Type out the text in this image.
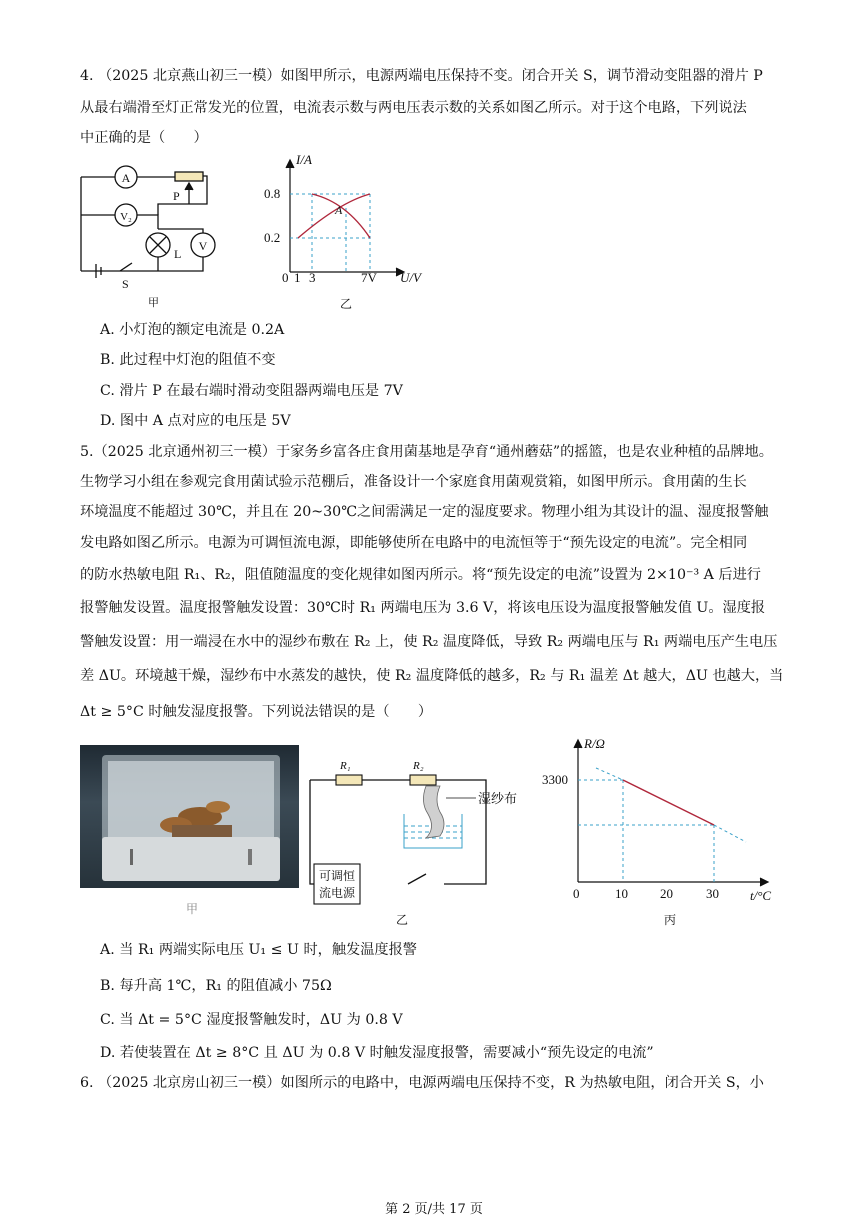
4. （2025 北京燕山初三一模）如图甲所示，电源两端电压保持不变。闭合开关 S，调节滑动变阻器的滑片 P
从最右端滑至灯正常发光的位置，电流表示数与两电压表示数的关系如图乙所示。对于这个电路，下列说法
中正确的是（　　）
A
V₂
V
P
L
S
甲
I/A
0.8
0.2
0 1 3	7V U/V
A
乙
A. 小灯泡的额定电流是 0.2A
B. 此过程中灯泡的阻值不变
C. 滑片 P 在最右端时滑动变阻器两端电压是 7V
D. 图中 A 点对应的电压是 5V
5.（2025 北京通州初三一模）于家务乡富各庄食用菌基地是孕育“通州蘑菇”的摇篮，也是农业种植的品牌地。
生物学习小组在参观完食用菌试验示范棚后，准备设计一个家庭食用菌观赏箱，如图甲所示。食用菌的生长
环境温度不能超过 30℃，并且在 20~30℃之间需满足一定的湿度要求。物理小组为其设计的温、湿度报警触
发电路如图乙所示。电源为可调恒流电源，即能够使所在电路中的电流恒等于“预先设定的电流”。完全相同
的防水热敏电阻 R₁、R₂，阻值随温度的变化规律如图丙所示。将“预先设定的电流”设置为 2×10⁻³ A 后进行
报警触发设置。温度报警触发设置：30℃时 R₁ 两端电压为 3.6 V，将该电压设为温度报警触发值 U。湿度报
警触发设置：用一端浸在水中的湿纱布敷在 R₂ 上，使 R₂ 温度降低，导致 R₂ 两端电压与 R₁ 两端电压产生电压
差 ΔU。环境越干燥，湿纱布中水蒸发的越快，使 R₂ 温度降低的越多，R₂ 与 R₁ 温差 Δt 越大，ΔU 也越大，当
Δt ≥ 5°C 时触发湿度报警。下列说法错误的是（　　）
甲
R₁	R₂
湿纱布
可调恒
流电源
乙
R/Ω
3300
0	10 20	30 t/°C
丙
A. 当 R₁ 两端实际电压 U₁ ≤ U 时，触发温度报警
B. 每升高 1℃，R₁ 的阻值减小 75Ω
C. 当 Δt = 5°C 湿度报警触发时，ΔU 为 0.8 V
D. 若使装置在 Δt ≥ 8°C 且 ΔU 为 0.8 V 时触发湿度报警，需要减小“预先设定的电流”
6. （2025 北京房山初三一模）如图所示的电路中，电源两端电压保持不变，R 为热敏电阻，闭合开关 S，小
第 2 页/共 17 页
